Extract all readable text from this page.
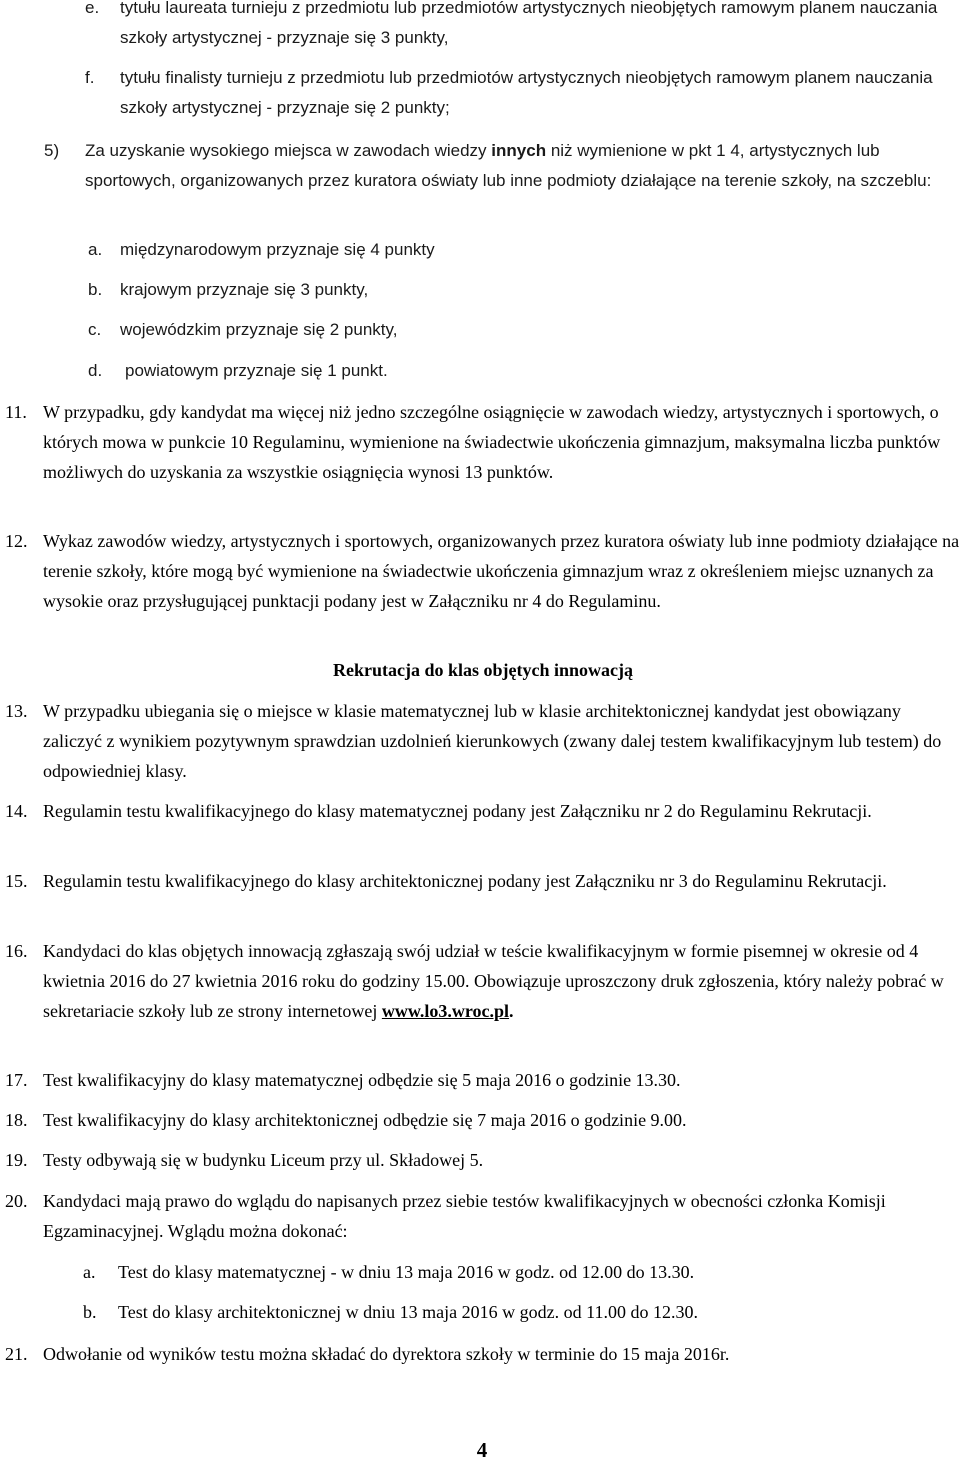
e. tytułu laureata turnieju z przedmiotu lub przedmiotów artystycznych nieobjętych ramowym planem nauczania szkoły artystycznej - przyznaje się 3 punkty,
f. tytułu finalisty turnieju z przedmiotu lub przedmiotów artystycznych nieobjętych ramowym planem nauczania szkoły artystycznej - przyznaje się 2 punkty;
5) Za uzyskanie wysokiego miejsca w zawodach wiedzy innych niż wymienione w pkt 1 4, artystycznych lub sportowych, organizowanych przez kuratora oświaty lub inne podmioty działające na terenie szkoły, na szczeblu:
a. międzynarodowym przyznaje się 4 punkty
b. krajowym przyznaje się 3 punkty,
c. wojewódzkim przyznaje się 2 punkty,
d. powiatowym przyznaje się 1 punkt.
11. W przypadku, gdy kandydat ma więcej niż jedno szczególne osiągnięcie w zawodach wiedzy, artystycznych i sportowych, o których mowa w punkcie 10 Regulaminu, wymienione na świadectwie ukończenia gimnazjum, maksymalna liczba punktów możliwych do uzyskania za wszystkie osiągnięcia wynosi 13 punktów.
12. Wykaz zawodów wiedzy, artystycznych i sportowych, organizowanych przez kuratora oświaty lub inne podmioty działające na terenie szkoły, które mogą być wymienione na świadectwie ukończenia gimnazjum wraz z określeniem miejsc uznanych za wysokie oraz przysługującej punktacji podany jest w Załączniku nr 4 do Regulaminu.
Rekrutacja do klas objętych innowacją
13. W przypadku ubiegania się o miejsce w klasie matematycznej lub w klasie architektonicznej kandydat jest obowiązany zaliczyć z wynikiem pozytywnym sprawdzian uzdolnień kierunkowych (zwany dalej testem kwalifikacyjnym lub testem) do odpowiedniej klasy.
14. Regulamin testu kwalifikacyjnego do klasy matematycznej podany jest Załączniku nr 2 do Regulaminu Rekrutacji.
15. Regulamin testu kwalifikacyjnego do klasy architektonicznej podany jest Załączniku nr 3 do Regulaminu Rekrutacji.
16. Kandydaci do klas objętych innowacją zgłaszają swój udział w teście kwalifikacyjnym w formie pisemnej w okresie od 4 kwietnia 2016 do 27 kwietnia 2016 roku do godziny 15.00. Obowiązuje uproszczony druk zgłoszenia, który należy pobrać w sekretariacie szkoły lub ze strony internetowej www.lo3.wroc.pl.
17. Test kwalifikacyjny do klasy matematycznej odbędzie się 5 maja 2016 o godzinie 13.30.
18. Test kwalifikacyjny do klasy architektonicznej odbędzie się 7 maja 2016 o godzinie 9.00.
19. Testy odbywają się w budynku Liceum przy ul. Składowej 5.
20. Kandydaci mają prawo do wglądu do napisanych przez siebie testów kwalifikacyjnych w obecności członka Komisji Egzaminacyjnej. Wglądu można dokonać:
a. Test do klasy matematycznej - w dniu 13 maja 2016 w godz. od 12.00 do 13.30.
b. Test do klasy architektonicznej w dniu 13 maja 2016 w godz. od 11.00 do 12.30.
21. Odwołanie od wyników testu można składać do dyrektora szkoły w terminie do 15 maja 2016r.
4
